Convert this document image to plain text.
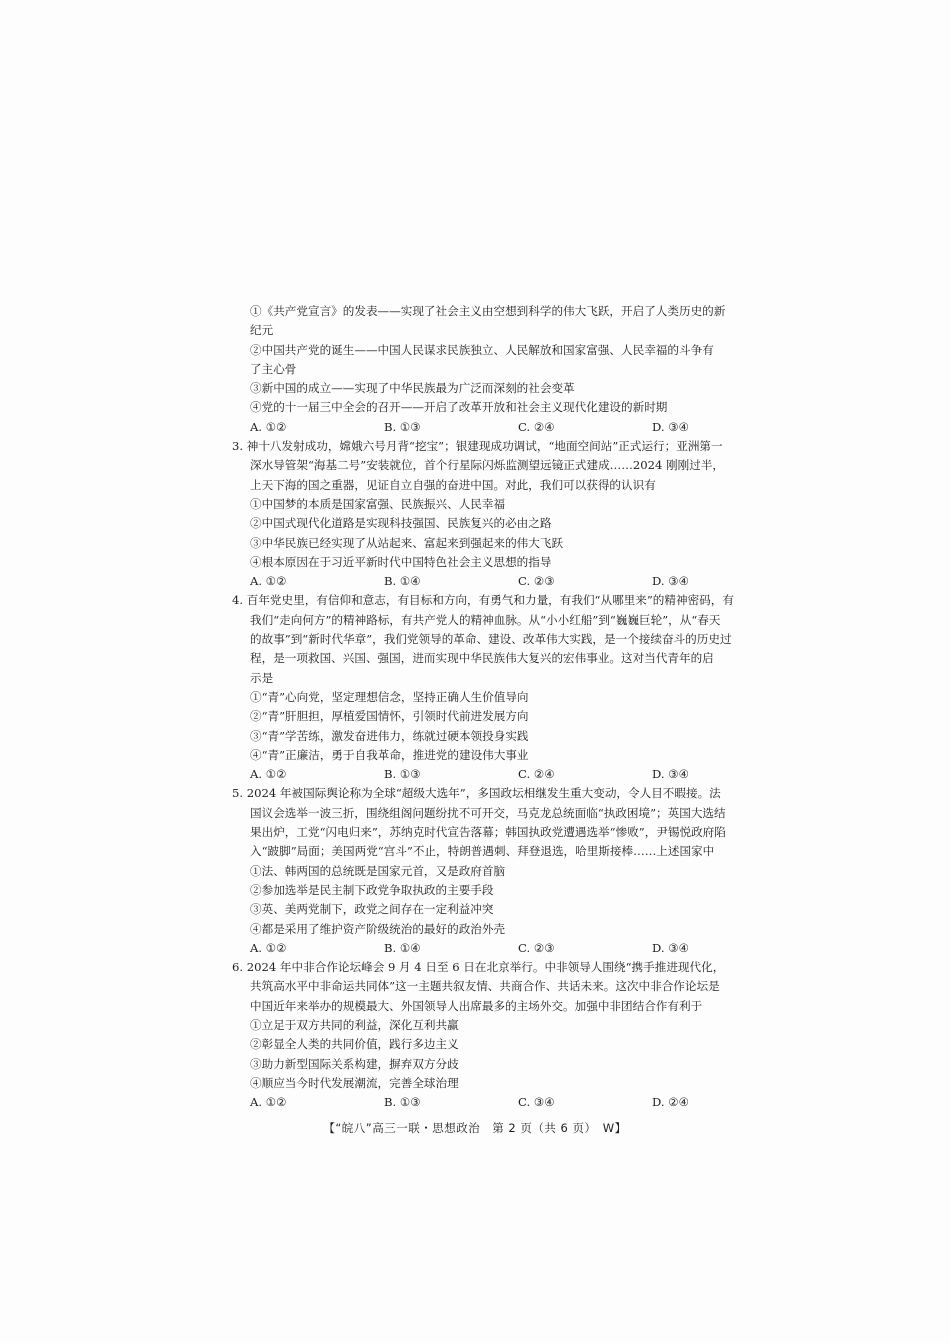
①《共产党宣言》的发表——实现了社会主义由空想到科学的伟大飞跃，开启了人类历史的新
纪元
②中国共产党的诞生——中国人民谋求民族独立、人民解放和国家富强、人民幸福的斗争有
了主心骨
③新中国的成立——实现了中华民族最为广泛而深刻的社会变革
④党的十一届三中全会的召开——开启了改革开放和社会主义现代化建设的新时期
A. ①②	B. ①③	C. ②④	D. ③④
3. 神十八发射成功，嫦娥六号月背“挖宝”；银建现成功调试，“地面空间站”正式运行；亚洲第一
深水导管架“海基二号”安装就位，首个行星际闪烁监测望远镜正式建成……2024 刚刚过半，
上天下海的国之重器，见证自立自强的奋进中国。对此，我们可以获得的认识有
①中国梦的本质是国家富强、民族振兴、人民幸福
②中国式现代化道路是实现科技强国、民族复兴的必由之路
③中华民族已经实现了从站起来、富起来到强起来的伟大飞跃
④根本原因在于习近平新时代中国特色社会主义思想的指导
A. ①②	B. ①④	C. ②③	D. ③④
4. 百年党史里，有信仰和意志，有目标和方向，有勇气和力量，有我们“从哪里来”的精神密码，有
我们“走向何方”的精神路标，有共产党人的精神血脉。从“小小红船”到“巍巍巨轮”，从“春天
的故事”到“新时代华章”，我们党领导的革命、建设、改革伟大实践，是一个接续奋斗的历史过
程，是一项救国、兴国、强国，进而实现中华民族伟大复兴的宏伟事业。这对当代青年的启
示是
①“青”心向党，坚定理想信念，坚持正确人生价值导向
②“青”肝胆担，厚植爱国情怀，引领时代前进发展方向
③“青”学苦练，激发奋进伟力，练就过硬本领投身实践
④“青”正廉洁，勇于自我革命，推进党的建设伟大事业
A. ①②	B. ①③	C. ②④	D. ③④
5. 2024 年被国际舆论称为全球“超级大选年”，多国政坛相继发生重大变动，令人目不暇接。法
国议会选举一波三折，围绕组阁问题纷扰不可开交，马克龙总统面临“执政困境”；英国大选结
果出炉，工党“闪电归来”，苏纳克时代宣告落幕；韩国执政党遭遇选举“惨败”，尹锡悦政府陷
入“跛脚”局面；美国两党“宫斗”不止，特朗普遇刺、拜登退选，哈里斯接棒……上述国家中
①法、韩两国的总统既是国家元首，又是政府首脑
②参加选举是民主制下政党争取执政的主要手段
③英、美两党制下，政党之间存在一定利益冲突
④都是采用了维护资产阶级统治的最好的政治外壳
A. ①②	B. ①④	C. ②③	D. ③④
6. 2024 年中非合作论坛峰会 9 月 4 日至 6 日在北京举行。中非领导人围绕“携手推进现代化，
共筑高水平中非命运共同体”这一主题共叙友情、共商合作、共话未来。这次中非合作论坛是
中国近年来举办的规模最大、外国领导人出席最多的主场外交。加强中非团结合作有利于
①立足于双方共同的利益，深化互利共赢
②彰显全人类的共同价值，践行多边主义
③助力新型国际关系构建，摒弃双方分歧
④顺应当今时代发展潮流，完善全球治理
A. ①②	B. ①③	C. ③④	D. ②④
【“皖八”高三一联・思想政治　第 2 页（共 6 页）　W】
